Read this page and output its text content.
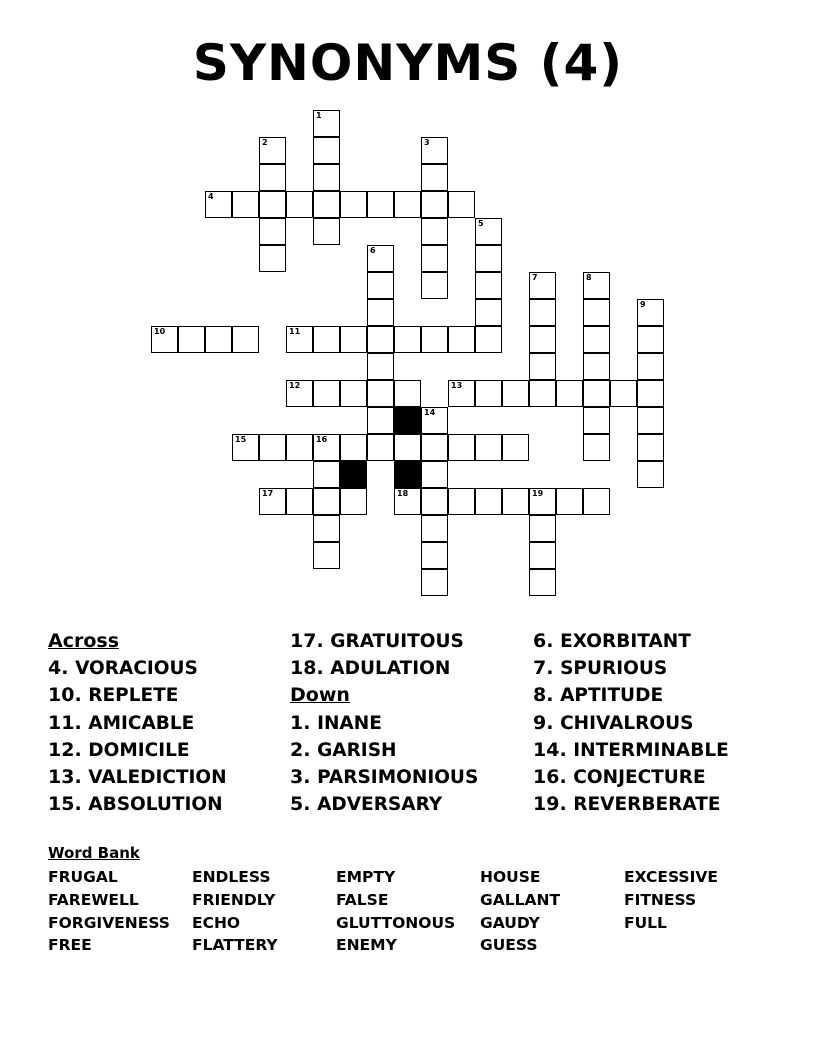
SYNONYMS (4)
4
10	11
12	13
15	16
17	18	19
1
2	3
5
6
7	8
9
14
Across
4. VORACIOUS
10. REPLETE
11. AMICABLE
12. DOMICILE
13. VALEDICTION
15. ABSOLUTION
17. GRATUITOUS
18. ADULATION
Down
1. INANE
2. GARISH
3. PARSIMONIOUS
5. ADVERSARY
6. EXORBITANT
7. SPURIOUS
8. APTITUDE
9. CHIVALROUS
14. INTERMINABLE
16. CONJECTURE
19. REVERBERATE
Word Bank
FRUGAL
FAREWELL
FORGIVENESS
FREE
ENDLESS
FRIENDLY
ECHO
FLATTERY
EMPTY
FALSE
GLUTTONOUS
ENEMY
HOUSE
GALLANT
GAUDY
GUESS
EXCESSIVE
FITNESS
FULL
